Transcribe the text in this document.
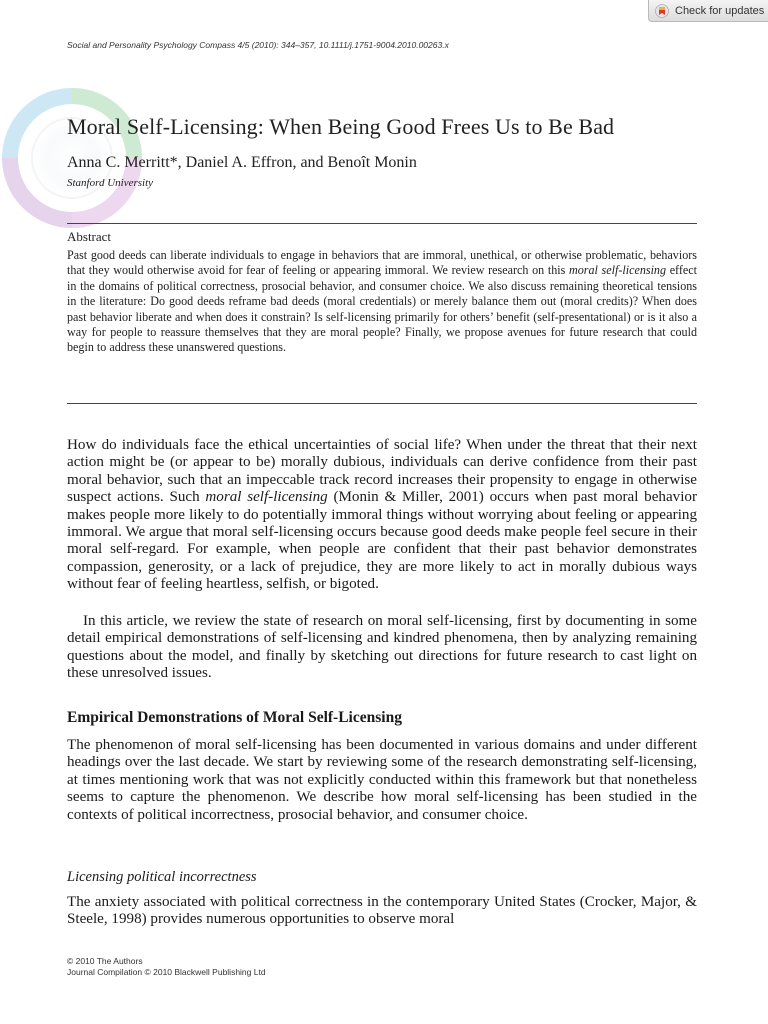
Check for updates
Social and Personality Psychology Compass 4/5 (2010): 344–357, 10.1111/j.1751-9004.2010.00263.x
Moral Self-Licensing: When Being Good Frees Us to Be Bad
Anna C. Merritt*, Daniel A. Effron, and Benoît Monin
Stanford University
Abstract

Past good deeds can liberate individuals to engage in behaviors that are immoral, unethical, or otherwise problematic, behaviors that they would otherwise avoid for fear of feeling or appearing immoral. We review research on this moral self-licensing effect in the domains of political correctness, prosocial behavior, and consumer choice. We also discuss remaining theoretical tensions in the literature: Do good deeds reframe bad deeds (moral credentials) or merely balance them out (moral credits)? When does past behavior liberate and when does it constrain? Is self-licensing primarily for others’ benefit (self-presentational) or is it also a way for people to reassure themselves that they are moral people? Finally, we propose avenues for future research that could begin to address these unanswered questions.

How do individuals face the ethical uncertainties of social life? When under the threat that their next action might be (or appear to be) morally dubious, individuals can derive confidence from their past moral behavior, such that an impeccable track record increases their propensity to engage in otherwise suspect actions. Such moral self-licensing (Monin & Miller, 2001) occurs when past moral behavior makes people more likely to do potentially immoral things without worrying about feeling or appearing immoral. We argue that moral self-licensing occurs because good deeds make people feel secure in their moral self-regard. For example, when people are confident that their past behavior demonstrates compassion, generosity, or a lack of prejudice, they are more likely to act in morally dubious ways without fear of feeling heartless, selfish, or bigoted.

In this article, we review the state of research on moral self-licensing, first by documenting in some detail empirical demonstrations of self-licensing and kindred phenomena, then by analyzing remaining questions about the model, and finally by sketching out directions for future research to cast light on these unresolved issues.

Empirical Demonstrations of Moral Self-Licensing

The phenomenon of moral self-licensing has been documented in various domains and under different headings over the last decade. We start by reviewing some of the research demonstrating self-licensing, at times mentioning work that was not explicitly conducted within this framework but that nonetheless seems to capture the phenomenon. We describe how moral self-licensing has been studied in the contexts of political incorrectness, prosocial behavior, and consumer choice.

Licensing political incorrectness

The anxiety associated with political correctness in the contemporary United States (Crocker, Major, & Steele, 1998) provides numerous opportunities to observe moral

© 2010 The Authors
Journal Compilation © 2010 Blackwell Publishing Ltd
